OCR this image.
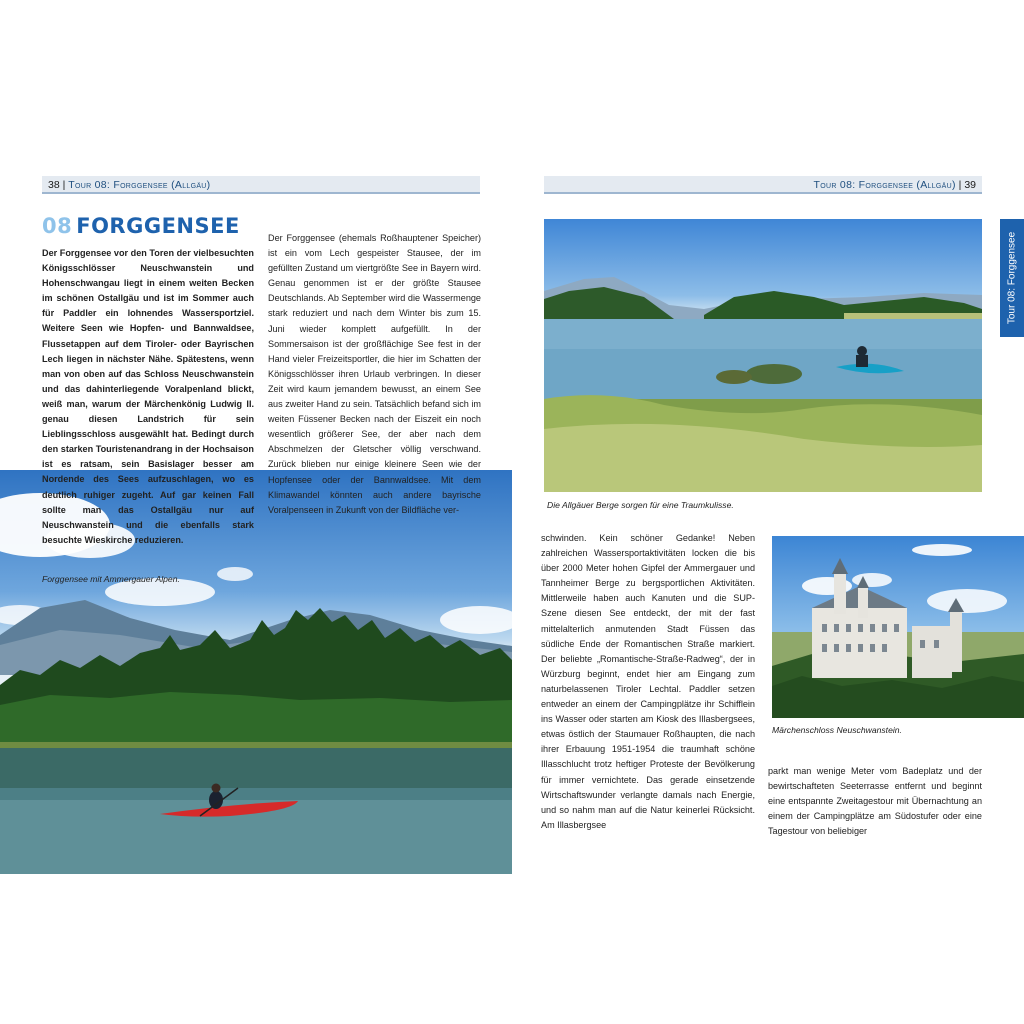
38 | Tour 08: Forggensee (Allgäu)	Tour 08: Forggensee (Allgäu) | 39
Tour 08: Forggensee
Forggensee mit Ammergauer Alpen.
08 FORGGENSEE

Der Forggensee vor den Toren der vielbesuchten Königsschlösser Neuschwanstein und Hohenschwangau liegt in einem weiten Becken im schönen Ostallgäu und ist im Sommer auch für Paddler ein lohnendes Wassersportziel. Weitere Seen wie Hopfen- und Bannwaldsee, Flussetappen auf dem Tiroler- oder Bayrischen Lech liegen in nächster Nähe. Spätestens, wenn man von oben auf das Schloss Neuschwanstein und das dahinterliegende Voralpenland blickt, weiß man, warum der Märchenkönig Ludwig II. genau diesen Landstrich für sein Lieblingsschloss ausgewählt hat. Bedingt durch den starken Touristenandrang in der Hochsaison ist es ratsam, sein Basislager besser am Nordende des Sees aufzuschlagen, wo es deutlich ruhiger zugeht. Auf gar keinen Fall sollte man das Ostallgäu nur auf Neuschwanstein und die ebenfalls stark besuchte Wieskirche reduzieren.

Der Forggensee (ehemals Roßhauptener Speicher) ist ein vom Lech gespeister Stausee, der im gefüllten Zustand um viertgrößte See in Bayern wird. Genau genommen ist er der größte Stausee Deutschlands. Ab September wird die Wassermenge stark reduziert und nach dem Winter bis zum 15. Juni wieder komplett aufgefüllt. In der Sommersaison ist der großflächige See fest in der Hand vieler Freizeitsportler, die hier im Schatten der Königsschlösser ihren Urlaub verbringen. In dieser Zeit wird kaum jemandem bewusst, an einem See aus zweiter Hand zu sein. Tatsächlich befand sich im weiten Füssener Becken nach der Eiszeit ein noch wesentlich größerer See, der aber nach dem Abschmelzen der Gletscher völlig verschwand. Zurück blieben nur einige kleinere Seen wie der Hopfensee oder der Bannwaldsee. Mit dem Klimawandel könnten auch andere bayrische Voralpenseen in Zukunft von der Bildfläche ver-	Die Allgäuer Berge sorgen für eine Traumkulisse.
Märchenschloss Neuschwanstein.

schwinden. Kein schöner Gedanke! Neben zahlreichen Wassersportaktivitäten locken die bis über 2000 Meter hohen Gipfel der Ammergauer und Tannheimer Berge zu bergsportlichen Aktivitäten. Mittlerweile haben auch Kanuten und die SUP-Szene diesen See entdeckt, der mit der fast mittelalterlich anmutenden Stadt Füssen das südliche Ende der Romantischen Straße markiert. Der beliebte „Romantische-Straße-Radweg“, der in Würzburg beginnt, endet hier am Eingang zum naturbelassenen Tiroler Lechtal. Paddler setzen entweder an einem der Campingplätze ihr Schifflein ins Wasser oder starten am Kiosk des Illasbergsees, etwas östlich der Staumauer Roßhaupten, die nach ihrer Erbauung 1951-1954 die traumhaft schöne Illasschlucht trotz heftiger Proteste der Bevölkerung für immer vernichtete. Das gerade einsetzende Wirtschaftswunder verlangte damals nach Energie, und so nahm man auf die Natur keinerlei Rücksicht. Am Illasbergsee

parkt man wenige Meter vom Badeplatz und der bewirtschafteten Seeterrasse entfernt und beginnt eine entspannte Zweitagestour mit Übernachtung an einem der Campingplätze am Südostufer oder eine Tagestour von beliebiger
